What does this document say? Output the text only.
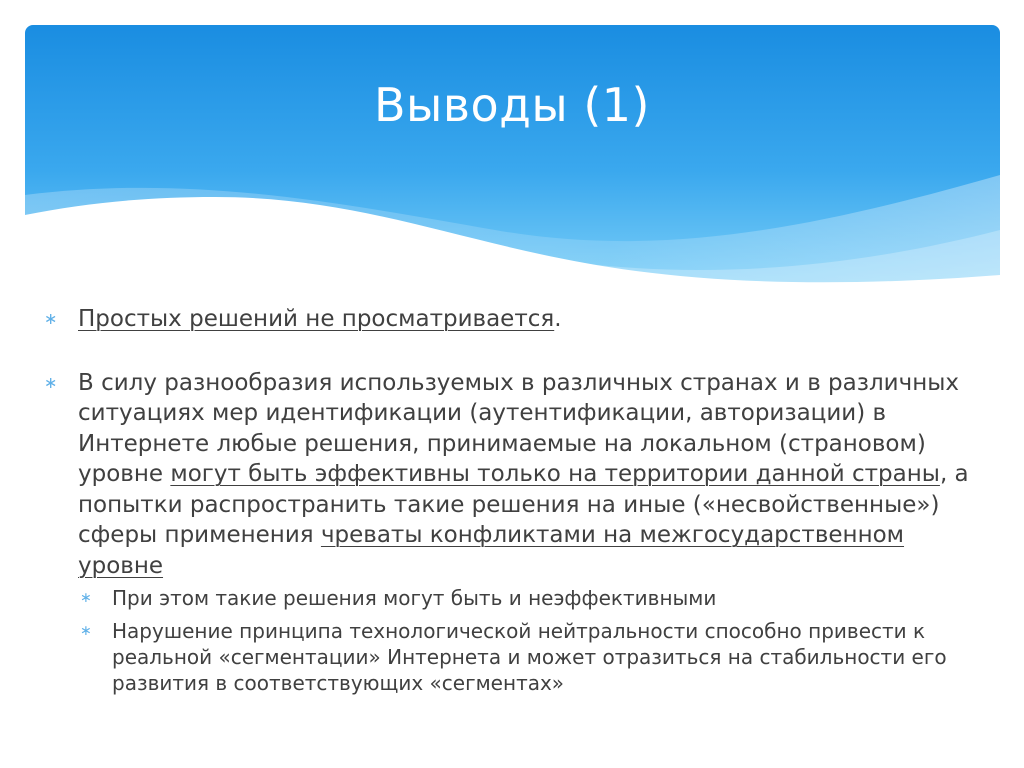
Выводы (1)
∗ Простых решений не просматривается.
∗ В силу разнообразия используемых в различных странах и в различных ситуациях мер идентификации (аутентификации, авторизации) в Интернете любые решения, принимаемые на локальном (страновом) уровне могут быть эффективны только на территории данной страны, а попытки распространить такие решения на иные («несвойственные») сферы применения чреваты конфликтами на межгосударственном уровне
∗ При этом такие решения могут быть и неэффективными
∗ Нарушение принципа технологической нейтральности способно привести к реальной «сегментации» Интернета и может отразиться на стабильности его развития в соответствующих «сегментах»
